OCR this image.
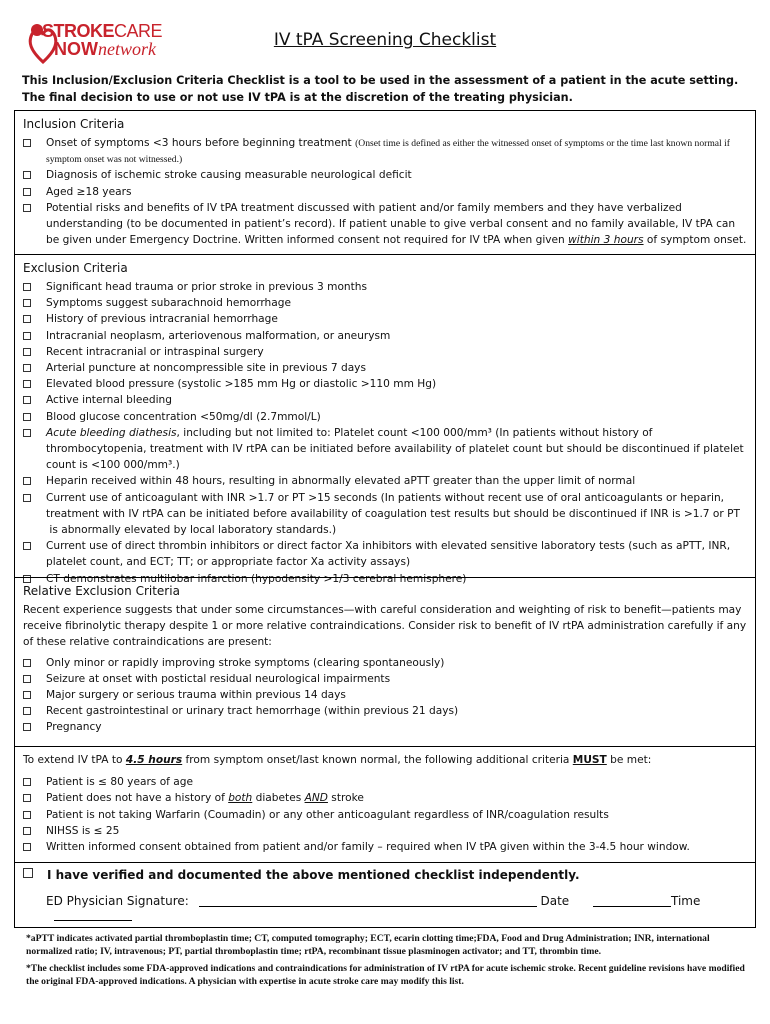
STROKECARE
NOWnetwork	IV tPA Screening Checklist
This Inclusion/Exclusion Criteria Checklist is a tool to be used in the assessment of a patient in the acute setting. The final decision to use or not use IV tPA is at the discretion of the treating physician.
Inclusion Criteria
Onset of symptoms <3 hours before beginning treatment (Onset time is defined as either the witnessed onset of symptoms or the time last known normal if symptom onset was not witnessed.)
Diagnosis of ischemic stroke causing measurable neurological deficit
Aged ≥18 years
Potential risks and benefits of IV tPA treatment discussed with patient and/or family members and they have verbalized understanding (to be documented in patient’s record). If patient unable to give verbal consent and no family available, IV tPA can be given under Emergency Doctrine. Written informed consent not required for IV tPA when given within 3 hours of symptom onset.
Exclusion Criteria
Significant head trauma or prior stroke in previous 3 months
Symptoms suggest subarachnoid hemorrhage
History of previous intracranial hemorrhage
Intracranial neoplasm, arteriovenous malformation, or aneurysm
Recent intracranial or intraspinal surgery
Arterial puncture at noncompressible site in previous 7 days
Elevated blood pressure (systolic >185 mm Hg or diastolic >110 mm Hg)
Active internal bleeding
Blood glucose concentration <50mg/dl (2.7mmol/L)
Acute bleeding diathesis, including but not limited to: Platelet count <100 000/mm³ (In patients without history of thrombocytopenia, treatment with IV rtPA can be initiated before availability of platelet count but should be discontinued if platelet count is <100 000/mm³.)
Heparin received within 48 hours, resulting in abnormally elevated aPTT greater than the upper limit of normal
Current use of anticoagulant with INR >1.7 or PT >15 seconds (In patients without recent use of oral anticoagulants or heparin, treatment with IV rtPA can be initiated before availability of coagulation test results but should be discontinued if INR is >1.7 or PT
is abnormally elevated by local laboratory standards.)
Current use of direct thrombin inhibitors or direct factor Xa inhibitors with elevated sensitive laboratory tests (such as aPTT, INR, platelet count, and ECT; TT; or appropriate factor Xa activity assays)
CT demonstrates multilobar infarction (hypodensity >1/3 cerebral hemisphere)
Relative Exclusion Criteria
Recent experience suggests that under some circumstances—with careful consideration and weighting of risk to benefit—patients may receive fibrinolytic therapy despite 1 or more relative contraindications. Consider risk to benefit of IV rtPA administration carefully if any of these relative contraindications are present:
Only minor or rapidly improving stroke symptoms (clearing spontaneously)
Seizure at onset with postictal residual neurological impairments
Major surgery or serious trauma within previous 14 days
Recent gastrointestinal or urinary tract hemorrhage (within previous 21 days)
Pregnancy
To extend IV tPA to 4.5 hours from symptom onset/last known normal, the following additional criteria MUST be met:
Patient is ≤ 80 years of age
Patient does not have a history of both diabetes AND stroke
Patient is not taking Warfarin (Coumadin) or any other anticoagulant regardless of INR/coagulation results
NIHSS is ≤ 25
Written informed consent obtained from patient and/or family – required when IV tPA given within the 3-4.5 hour window.
I have verified and documented the above mentioned checklist independently.
ED Physician Signature:	Date	Time

*aPTT indicates activated partial thromboplastin time; CT, computed tomography; ECT, ecarin clotting time;FDA, Food and Drug Administration; INR, international normalized ratio; IV, intravenous; PT, partial thromboplastin time; rtPA, recombinant tissue plasminogen activator; and TT, thrombin time.

*The checklist includes some FDA-approved indications and contraindications for administration of IV rtPA for acute ischemic stroke. Recent guideline revisions have modified the original FDA-approved indications. A physician with expertise in acute stroke care may modify this list.
